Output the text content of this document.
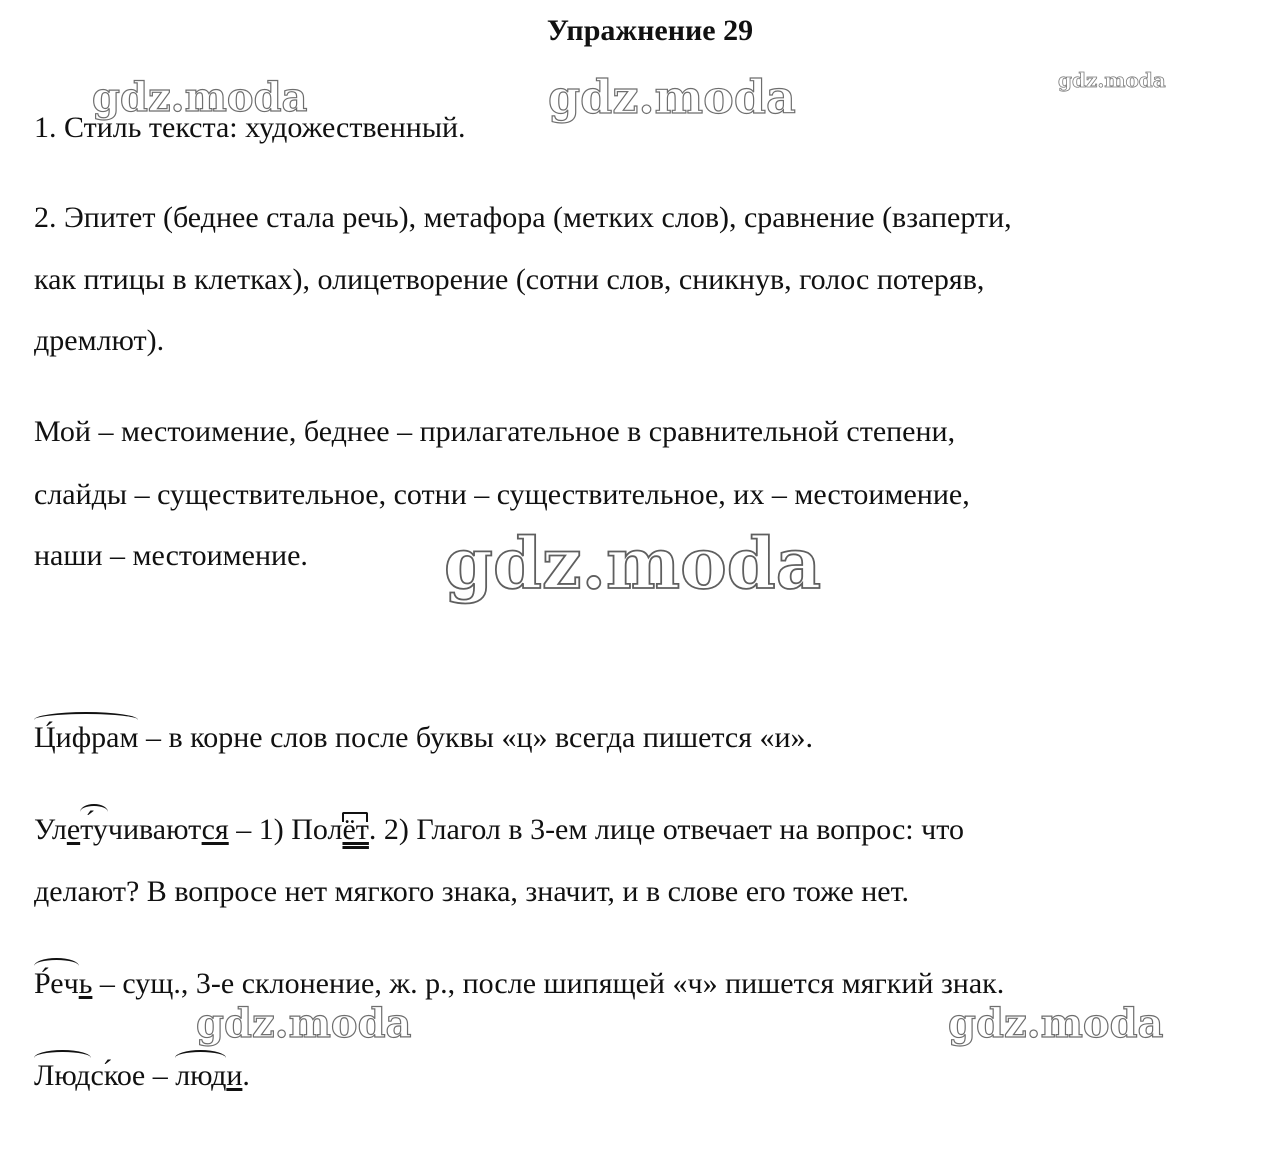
Упражнение 29
gdz.moda	gdz.moda	gdz.moda
gdz.moda
gdz.moda	gdz.moda
1. Стиль текста: художественный.
2. Эпитет (беднее стала речь), метафора (метких слов), сравнение (взаперти,
как птицы в клетках), олицетворение (сотни слов, сникнув, голос потеряв,
дремлют).
Мой – местоимение, беднее – прилагательное в сравнительной степени,
слайды – существительное, сотни – существительное, их – местоимение,
наши – местоимение.
Ци ́фрам – в корне слов после буквы «ц» всегда пишется «и».
Улету ́чиваются – 1) Полёт. 2) Глагол в 3-ем лице отвечает на вопрос: что
делают? В вопросе нет мягкого знака, значит, и в слове его тоже нет.
Ре ́чь – сущ., 3-е склонение, ж. р., после шипящей «ч» пишется мягкий знак.
Людско ́е – люди.
